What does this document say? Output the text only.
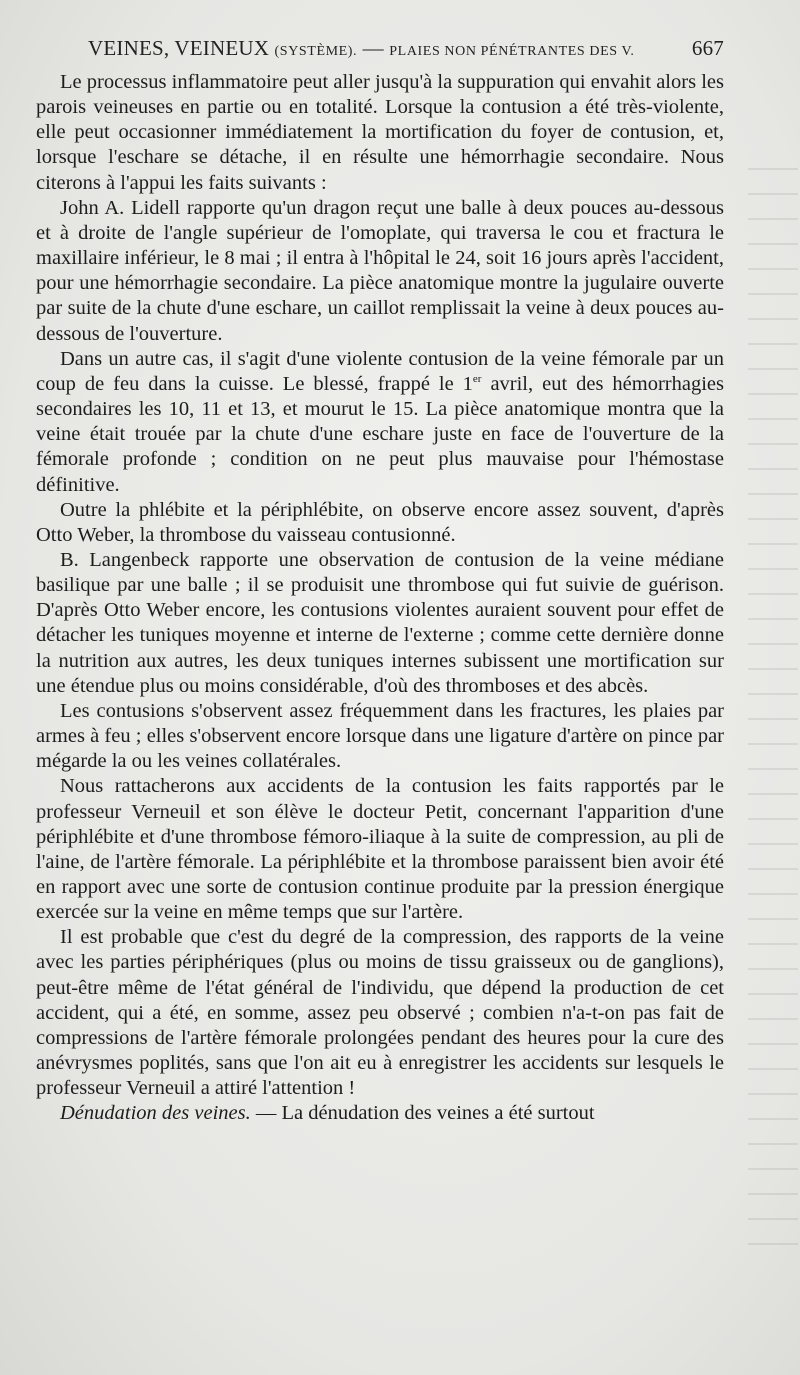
VEINES, VEINEUX (SYSTÈME). — PLAIES NON PÉNÉTRANTES DES V.	667

Le processus inflammatoire peut aller jusqu'à la suppuration qui envahit alors les parois veineuses en partie ou en totalité. Lorsque la contusion a été très-violente, elle peut occasionner immédiatement la mortification du foyer de contusion, et, lorsque l'eschare se détache, il en résulte une hémorrhagie secondaire. Nous citerons à l'appui les faits suivants :

John A. Lidell rapporte qu'un dragon reçut une balle à deux pouces au-dessous et à droite de l'angle supérieur de l'omoplate, qui traversa le cou et fractura le maxillaire inférieur, le 8 mai ; il entra à l'hôpital le 24, soit 16 jours après l'accident, pour une hémorrhagie secondaire. La pièce anatomique montre la jugulaire ouverte par suite de la chute d'une eschare, un caillot remplissait la veine à deux pouces au-dessous de l'ouverture.

Dans un autre cas, il s'agit d'une violente contusion de la veine fémorale par un coup de feu dans la cuisse. Le blessé, frappé le 1er avril, eut des hémorrhagies secondaires les 10, 11 et 13, et mourut le 15. La pièce anatomique montra que la veine était trouée par la chute d'une eschare juste en face de l'ouverture de la fémorale profonde ; condition on ne peut plus mauvaise pour l'hémostase définitive.

Outre la phlébite et la périphlébite, on observe encore assez souvent, d'après Otto Weber, la thrombose du vaisseau contusionné.

B. Langenbeck rapporte une observation de contusion de la veine médiane basilique par une balle ; il se produisit une thrombose qui fut suivie de guérison. D'après Otto Weber encore, les contusions violentes auraient souvent pour effet de détacher les tuniques moyenne et interne de l'externe ; comme cette dernière donne la nutrition aux autres, les deux tuniques internes subissent une mortification sur une étendue plus ou moins considérable, d'où des thromboses et des abcès.

Les contusions s'observent assez fréquemment dans les fractures, les plaies par armes à feu ; elles s'observent encore lorsque dans une ligature d'artère on pince par mégarde la ou les veines collatérales.

Nous rattacherons aux accidents de la contusion les faits rapportés par le professeur Verneuil et son élève le docteur Petit, concernant l'apparition d'une périphlébite et d'une thrombose fémoro-iliaque à la suite de compression, au pli de l'aine, de l'artère fémorale. La périphlébite et la thrombose paraissent bien avoir été en rapport avec une sorte de contusion continue produite par la pression énergique exercée sur la veine en même temps que sur l'artère.

Il est probable que c'est du degré de la compression, des rapports de la veine avec les parties périphériques (plus ou moins de tissu graisseux ou de ganglions), peut-être même de l'état général de l'individu, que dépend la production de cet accident, qui a été, en somme, assez peu observé ; combien n'a-t-on pas fait de compressions de l'artère fémorale prolongées pendant des heures pour la cure des anévrysmes poplités, sans que l'on ait eu à enregistrer les accidents sur lesquels le professeur Verneuil a attiré l'attention !

Dénudation des veines. — La dénudation des veines a été surtout
